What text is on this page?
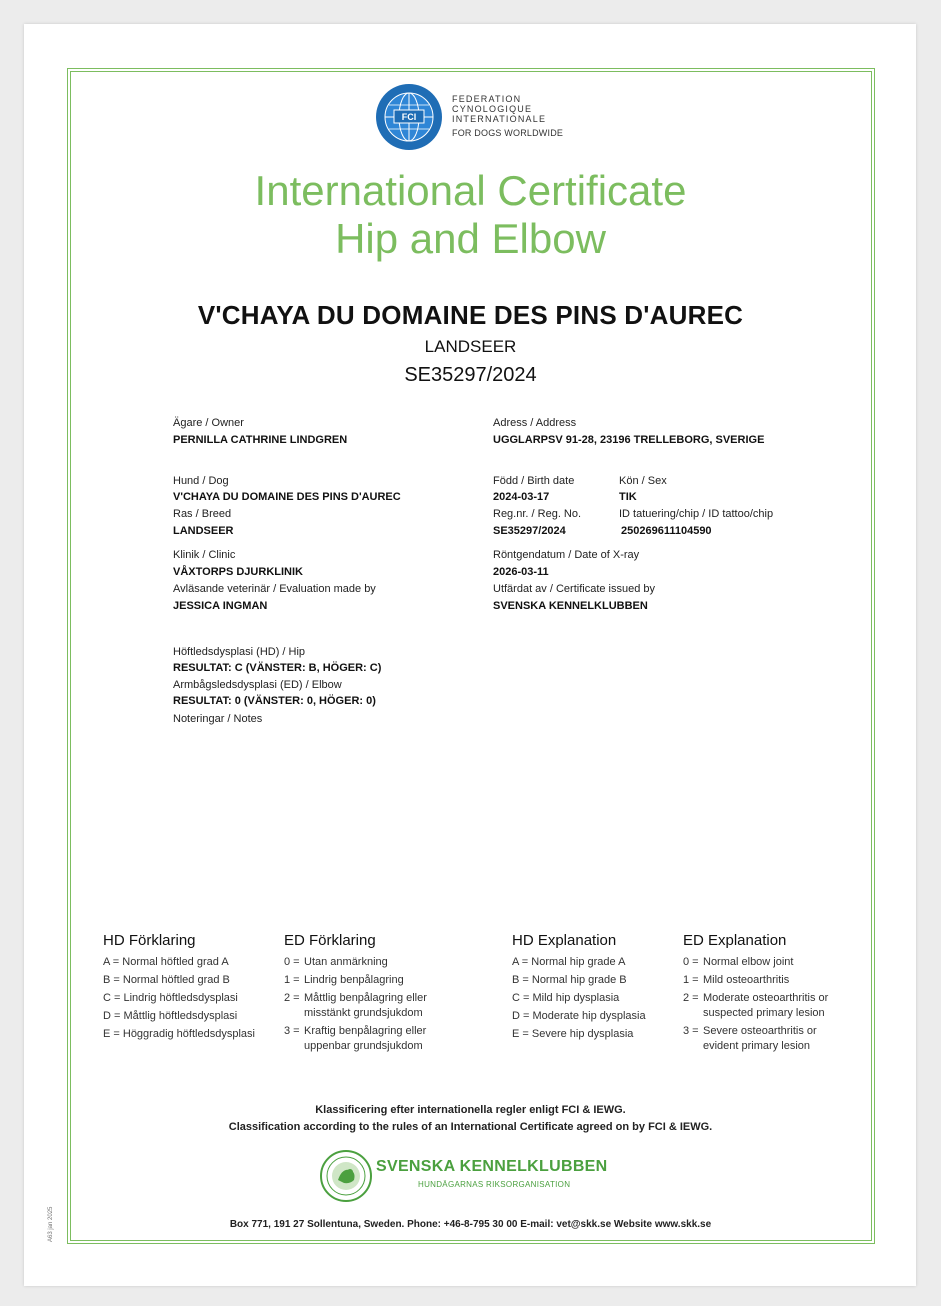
FCI
FEDERATION
CYNOLOGIQUE
INTERNATIONALE
FOR DOGS WORLDWIDE
International Certificate
Hip and Elbow
V'CHAYA DU DOMAINE DES PINS D'AUREC
LANDSEER
SE35297/2024
Ägare / Owner
PERNILLA CATHRINE LINDGREN
Adress / Address
UGGLARPSV 91-28, 23196 TRELLEBORG, SVERIGE
Hund / Dog
V'CHAYA DU DOMAINE DES PINS D'AUREC
Ras / Breed
LANDSEER
Född / Birth date
2024-03-17
Kön / Sex
TIK
Reg.nr. / Reg. No.
SE35297/2024
ID tatuering/chip / ID tattoo/chip
250269611104590
Klinik / Clinic
VÅXTORPS DJURKLINIK
Avläsande veterinär / Evaluation made by
JESSICA INGMAN
Röntgendatum / Date of X-ray
2026-03-11
Utfärdat av / Certificate issued by
SVENSKA KENNELKLUBBEN
Höftledsdysplasi (HD) / Hip
RESULTAT: C (VÄNSTER: B, HÖGER: C)
Armbågsledsdysplasi (ED) / Elbow
RESULTAT: 0 (VÄNSTER: 0, HÖGER: 0)
Noteringar / Notes
HD Förklaring
A = Normal höftled grad A
B = Normal höftled grad B
C = Lindrig höftledsdysplasi
D = Måttlig höftledsdysplasi
E = Höggradig höftledsdysplasi
ED Förklaring
0 = Utan anmärkning
1 = Lindrig benpålagring
2 = Måttlig benpålagring eller misstänkt grundsjukdom
3 = Kraftig benpålagring eller uppenbar grundsjukdom
HD Explanation
A = Normal hip grade A
B = Normal hip grade B
C = Mild hip dysplasia
D = Moderate hip dysplasia
E = Severe hip dysplasia
ED Explanation
0 = Normal elbow joint
1 = Mild osteoarthritis
2 = Moderate osteoarthritis or suspected primary lesion
3 = Severe osteoarthritis or evident primary lesion
Klassificering efter internationella regler enligt FCI & IEWG.
Classification according to the rules of an International Certificate agreed on by FCI & IEWG.
SVENSKA KENNELKLUBBEN
HUNDÄGARNAS RIKSORGANISATION
Box 771, 191 27 Sollentuna, Sweden. Phone: +46-8-795 30 00 E-mail: vet@skk.se Website www.skk.se
A63 jan 2025
